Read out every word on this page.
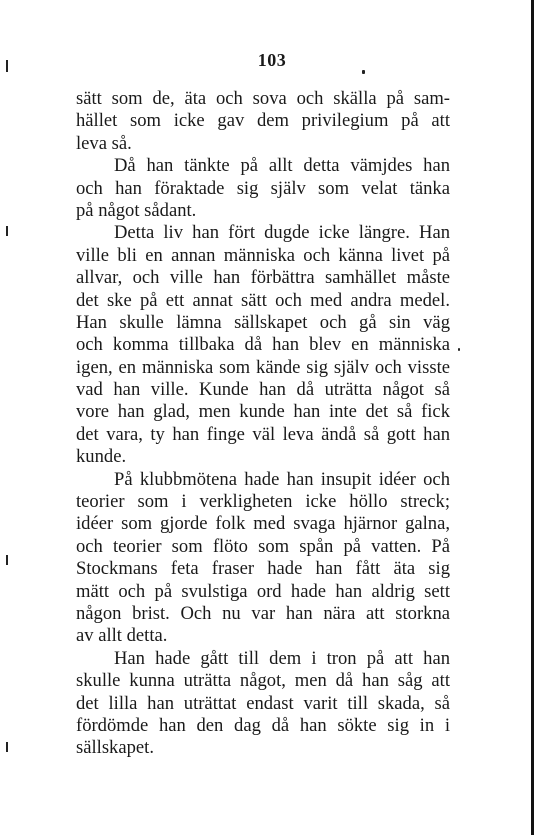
103
sätt som de, äta och sova och skälla på sam-
hället som icke gav dem privilegium på att
leva så.
Då han tänkte på allt detta vämjdes han
och han föraktade sig själv som velat tänka
på något sådant.
Detta liv han fört dugde icke längre. Han
ville bli en annan människa och känna livet på
allvar, och ville han förbättra samhället måste
det ske på ett annat sätt och med andra medel.
Han skulle lämna sällskapet och gå sin väg
och komma tillbaka då han blev en människa
igen, en människa som kände sig själv och visste
vad han ville. Kunde han då uträtta något så
vore han glad, men kunde han inte det så fick
det vara, ty han finge väl leva ändå så gott han
kunde.
På klubbmötena hade han insupit idéer och
teorier som i verkligheten icke höllo streck;
idéer som gjorde folk med svaga hjärnor galna,
och teorier som flöto som spån på vatten. På
Stockmans feta fraser hade han fått äta sig
mätt och på svulstiga ord hade han aldrig sett
någon brist. Och nu var han nära att storkna
av allt detta.
Han hade gått till dem i tron på att han
skulle kunna uträtta något, men då han såg att
det lilla han uträttat endast varit till skada, så
fördömde han den dag då han sökte sig in i
sällskapet.
